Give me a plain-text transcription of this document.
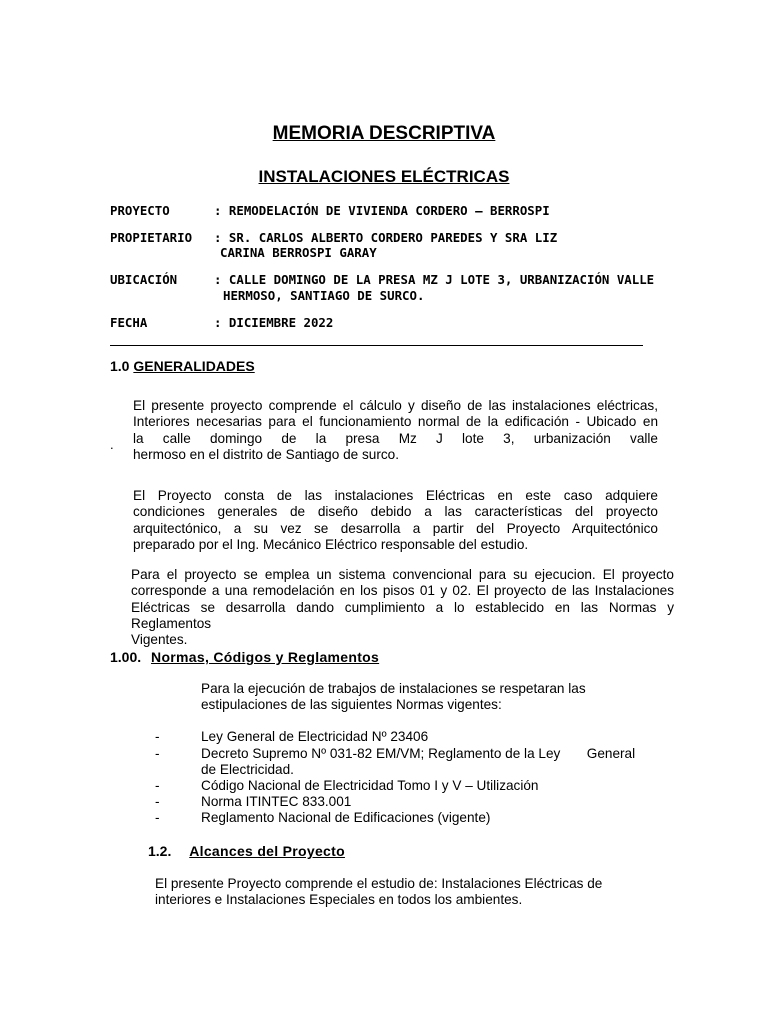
MEMORIA DESCRIPTIVA
INSTALACIONES ELÉCTRICAS
PROYECTO	: REMODELACIÓN DE VIVIENDA CORDERO – BERROSPI
PROPIETARIO : SR. CARLOS ALBERTO CORDERO PAREDES Y SRA LIZ
CARINA BERROSPI GARAY
UBICACIÓN	: CALLE DOMINGO DE LA PRESA MZ J LOTE 3, URBANIZACIÓN VALLE
HERMOSO, SANTIAGO DE SURCO.
FECHA	: DICIEMBRE 2022
1.0 GENERALIDADES
El presente proyecto comprende el cálculo y diseño de las instalaciones eléctricas,
Interiores necesarias para el funcionamiento normal de la edificación - Ubicado en
la calle domingo de la presa Mz J lote 3, urbanización valle
hermoso en el distrito de Santiago de surco.
.
El Proyecto consta de las instalaciones Eléctricas en este caso adquiere
condiciones generales de diseño debido a las características del proyecto
arquitectónico, a su vez se desarrolla a partir del Proyecto Arquitectónico
preparado por el Ing. Mecánico Eléctrico responsable del estudio.
Para el proyecto se emplea un sistema convencional para su ejecucion. El proyecto
corresponde a una remodelación en los pisos 01 y 02. El proyecto de las Instalaciones
Eléctricas se desarrolla dando cumplimiento a lo establecido en las Normas y Reglamentos
Vigentes.
1.00. Normas, Códigos y Reglamentos
Para la ejecución de trabajos de instalaciones se respetaran las
estipulaciones de las siguientes Normas vigentes:
-	Ley General de Electricidad Nº 23406
-	Decreto Supremo Nº 031-82 EM/VM; Reglamento de la Ley       General
de Electricidad.
-	Código Nacional de Electricidad Tomo I y V – Utilización
-	Norma ITINTEC 833.001
-	Reglamento Nacional de Edificaciones (vigente)
1.2. Alcances del Proyecto
El presente Proyecto comprende el estudio de: Instalaciones Eléctricas de
interiores e Instalaciones Especiales en todos los ambientes.
